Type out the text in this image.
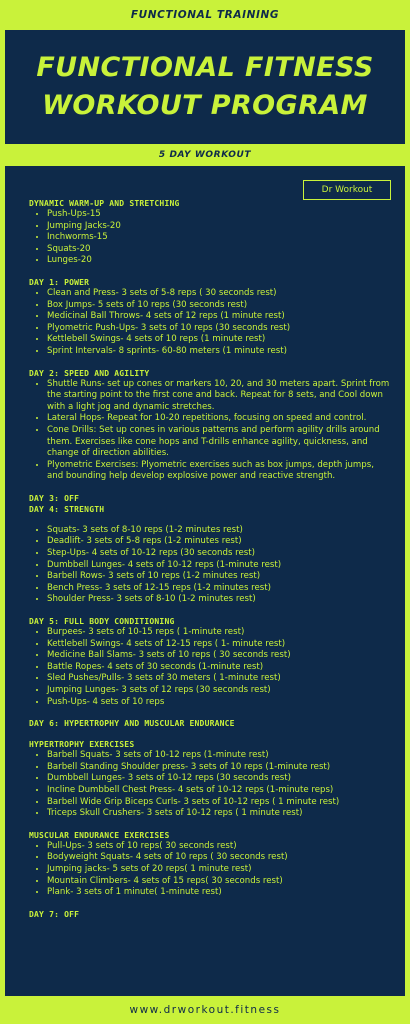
FUNCTIONAL TRAINING
FUNCTIONAL FITNESS
WORKOUT PROGRAM
5 DAY WORKOUT
Dr Workout

DYNAMIC WARM-UP AND STRETCHING

• Push-Ups-15
• Jumping Jacks-20
• Inchworms-15
• Squats-20
• Lunges-20

DAY 1: POWER

• Clean and Press- 3 sets of 5-8 reps ( 30 seconds rest)
• Box Jumps- 5 sets of 10 reps (30 seconds rest)
• Medicinal Ball Throws- 4 sets of 12 reps (1 minute rest)
• Plyometric Push-Ups- 3 sets of 10 reps (30 seconds rest)
• Kettlebell Swings- 4 sets of 10 reps (1 minute rest)
• Sprint Intervals- 8 sprints- 60-80 meters (1 minute rest)

DAY 2: SPEED AND AGILITY

• Shuttle Runs- set up cones or markers 10, 20, and 30 meters apart. Sprint from the starting point to the first cone and back. Repeat for 8 sets, and Cool down with a light jog and dynamic stretches.
• Lateral Hops- Repeat for 10-20 repetitions, focusing on speed and control.
• Cone Drills: Set up cones in various patterns and perform agility drills around them. Exercises like cone hops and T-drills enhance agility, quickness, and change of direction abilities.
• Plyometric Exercises: Plyometric exercises such as box jumps, depth jumps, and bounding help develop explosive power and reactive strength.

DAY 3: OFF

DAY 4: STRENGTH

• Squats- 3 sets of 8-10 reps (1-2 minutes rest)
• Deadlift- 3 sets of 5-8 reps (1-2 minutes rest)
• Step-Ups- 4 sets of 10-12 reps (30 seconds rest)
• Dumbbell Lunges- 4 sets of 10-12 reps (1-minute rest)
• Barbell Rows- 3 sets of 10 reps (1-2 minutes rest)
• Bench Press- 3 sets of 12-15 reps (1-2 minutes rest)
• Shoulder Press- 3 sets of 8-10 (1-2 minutes rest)

DAY 5: FULL BODY CONDITIONING

• Burpees- 3 sets of 10-15 reps ( 1-minute rest)
• Kettlebell Swings- 4 sets of 12-15 reps ( 1- minute rest)
• Medicine Ball Slams- 3 sets of 10 reps ( 30 seconds rest)
• Battle Ropes- 4 sets of 30 seconds (1-minute rest)
• Sled Pushes/Pulls- 3 sets of 30 meters ( 1-minute rest)
• Jumping Lunges- 3 sets of 12 reps (30 seconds rest)
• Push-Ups- 4 sets of 10 reps

DAY 6: HYPERTROPHY AND MUSCULAR ENDURANCE

HYPERTROPHY EXERCISES

• Barbell Squats- 3 sets of 10-12 reps (1-minute rest)
• Barbell Standing Shoulder press- 3 sets of 10 reps (1-minute rest)
• Dumbbell Lunges- 3 sets of 10-12 reps (30 seconds rest)
• Incline Dumbbell Chest Press- 4 sets of 10-12 reps (1-minute reps)
• Barbell Wide Grip Biceps Curls- 3 sets of 10-12 reps ( 1 minute rest)
• Triceps Skull Crushers- 3 sets of 10-12 reps ( 1 minute rest)

MUSCULAR ENDURANCE EXERCISES

• Pull-Ups- 3 sets of 10 reps( 30 seconds rest)
• Bodyweight Squats- 4 sets of 10 reps ( 30 seconds rest)
• Jumping jacks- 5 sets of 20 reps( 1 minute rest)
• Mountain Climbers- 4 sets of 15 reps( 30 seconds rest)
• Plank- 3 sets of 1 minute( 1-minute rest)

DAY 7: OFF

www.drworkout.fitness
